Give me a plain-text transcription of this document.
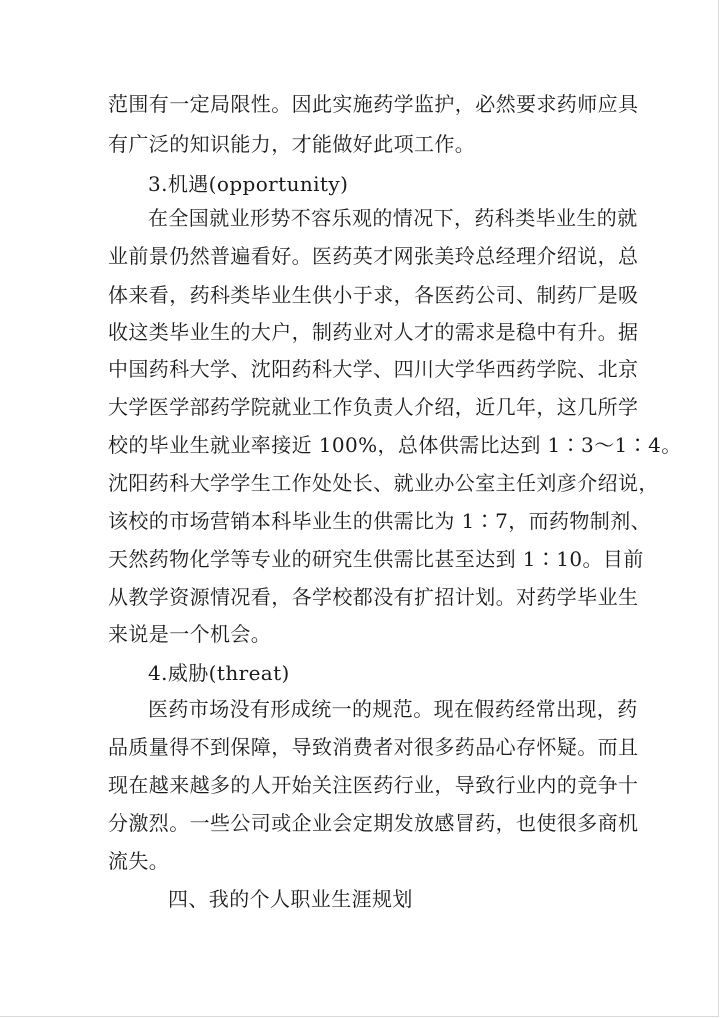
范围有一定局限性。因此实施药学监护，必然要求药师应具
有广泛的知识能力，才能做好此项工作。
3.机遇(opportunity)
在全国就业形势不容乐观的情况下，药科类毕业生的就
业前景仍然普遍看好。医药英才网张美玲总经理介绍说，总
体来看，药科类毕业生供小于求，各医药公司、制药厂是吸
收这类毕业生的大户，制药业对人才的需求是稳中有升。据
中国药科大学、沈阳药科大学、四川大学华西药学院、北京
大学医学部药学院就业工作负责人介绍，近几年，这几所学
校的毕业生就业率接近 100%，总体供需比达到 1∶3～1∶4。
沈阳药科大学学生工作处处长、就业办公室主任刘彦介绍说，
该校的市场营销本科毕业生的供需比为 1∶7，而药物制剂、
天然药物化学等专业的研究生供需比甚至达到 1∶10。目前
从教学资源情况看，各学校都没有扩招计划。对药学毕业生
来说是一个机会。
4.威胁(threat)
医药市场没有形成统一的规范。现在假药经常出现，药
品质量得不到保障，导致消费者对很多药品心存怀疑。而且
现在越来越多的人开始关注医药行业，导致行业内的竞争十
分激烈。一些公司或企业会定期发放感冒药，也使很多商机
流失。
四、我的个人职业生涯规划
